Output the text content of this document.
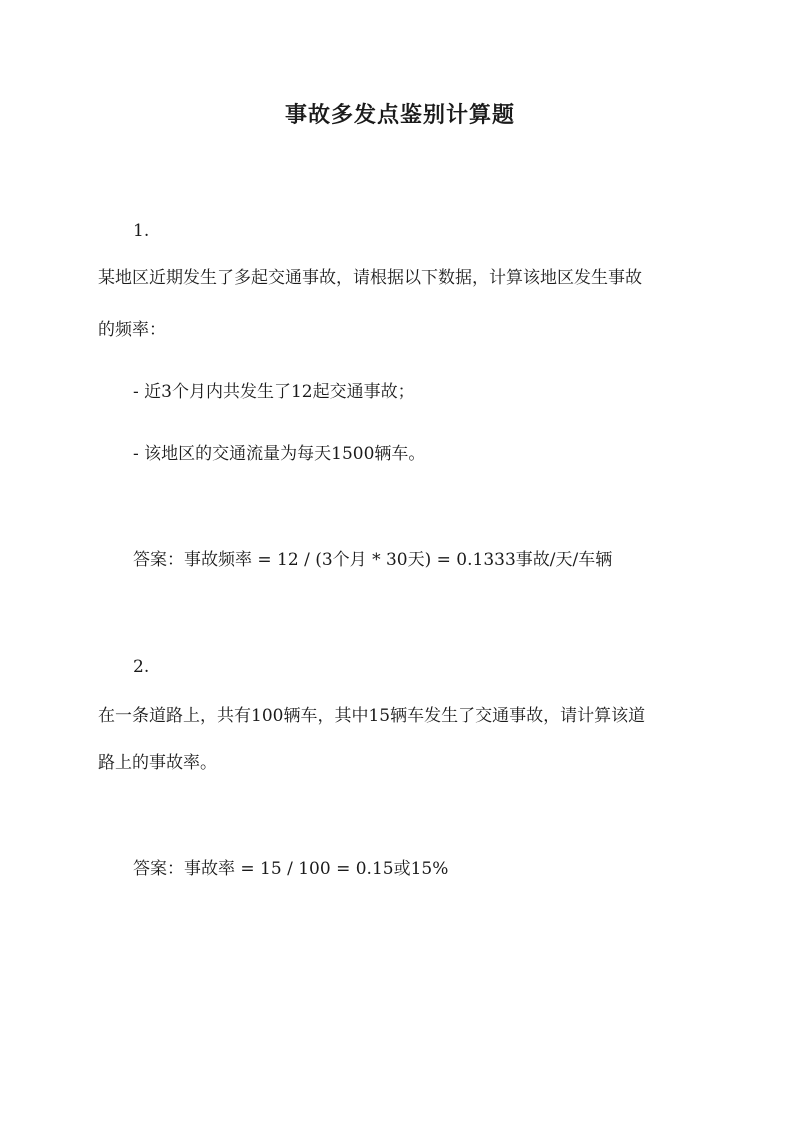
事故多发点鉴别计算题
1.
某地区近期发生了多起交通事故，请根据以下数据，计算该地区发生事故
的频率：
- 近3个月内共发生了12起交通事故；
- 该地区的交通流量为每天1500辆车。
答案：事故频率 = 12 / (3个月 * 30天) = 0.1333事故/天/车辆
2.
在一条道路上，共有100辆车，其中15辆车发生了交通事故，请计算该道
路上的事故率。
答案：事故率 = 15 / 100 = 0.15或15%
